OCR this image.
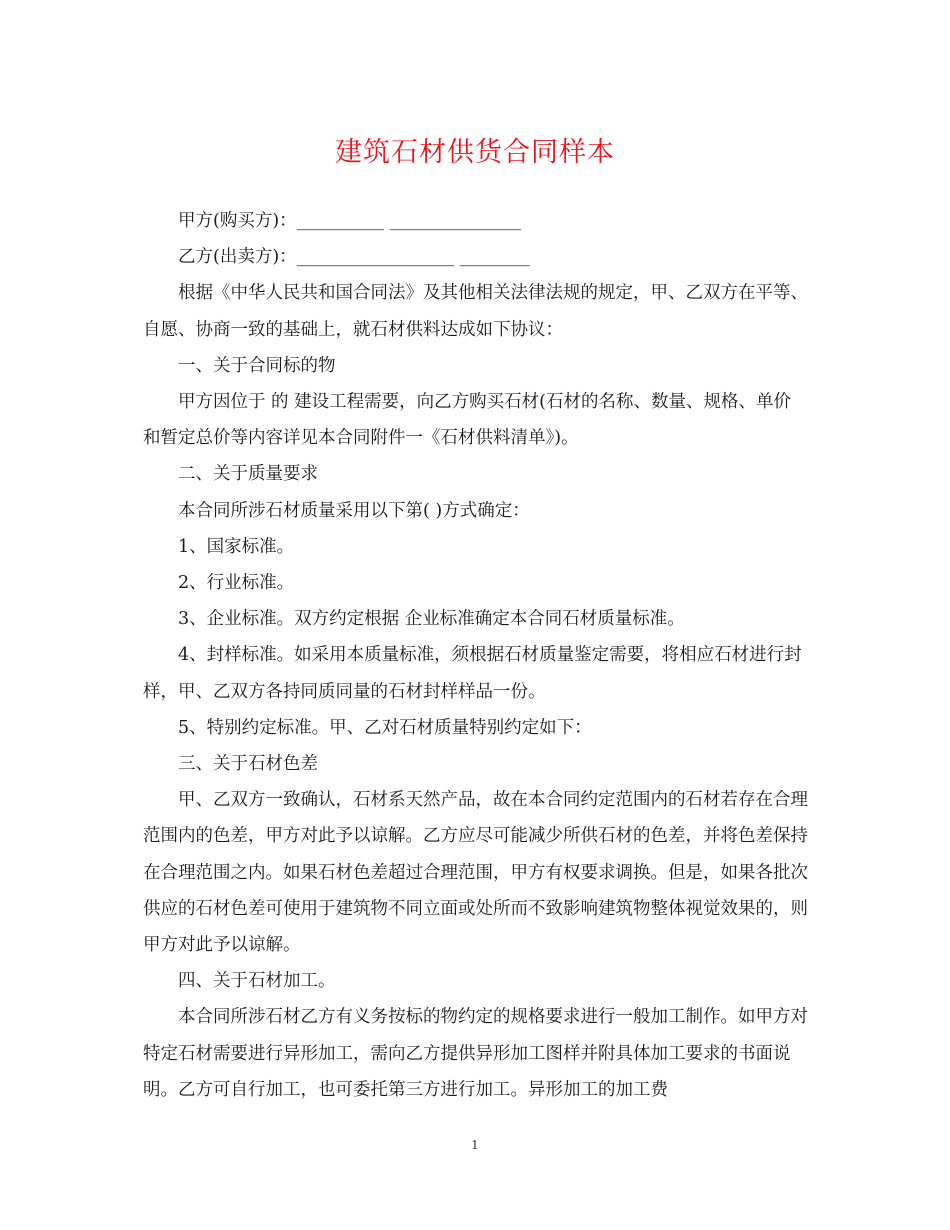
建筑石材供货合同样本

甲方(购买方)：__________ _______________

乙方(出卖方)：__________________ ________

根据《中华人民共和国合同法》及其他相关法律法规的规定，甲、乙双方在平等、自愿、协商一致的基础上，就石材供料达成如下协议：

一、关于合同标的物

甲方因位于 的 建设工程需要，向乙方购买石材(石材的名称、数量、规格、单价和暂定总价等内容详见本合同附件一《石材供料清单》)。

二、关于质量要求

本合同所涉石材质量采用以下第( )方式确定：

1、国家标准。

2、行业标准。

3、企业标准。双方约定根据 企业标准确定本合同石材质量标准。

4、封样标准。如采用本质量标准，须根据石材质量鉴定需要，将相应石材进行封样，甲、乙双方各持同质同量的石材封样样品一份。

5、特别约定标准。甲、乙对石材质量特别约定如下：

三、关于石材色差

甲、乙双方一致确认，石材系天然产品，故在本合同约定范围内的石材若存在合理范围内的色差，甲方对此予以谅解。乙方应尽可能减少所供石材的色差，并将色差保持在合理范围之内。如果石材色差超过合理范围，甲方有权要求调换。但是，如果各批次供应的石材色差可使用于建筑物不同立面或处所而不致影响建筑物整体视觉效果的，则甲方对此予以谅解。

四、关于石材加工。

本合同所涉石材乙方有义务按标的物约定的规格要求进行一般加工制作。如甲方对特定石材需要进行异形加工，需向乙方提供异形加工图样并附具体加工要求的书面说明。乙方可自行加工，也可委托第三方进行加工。异形加工的加工费

1
